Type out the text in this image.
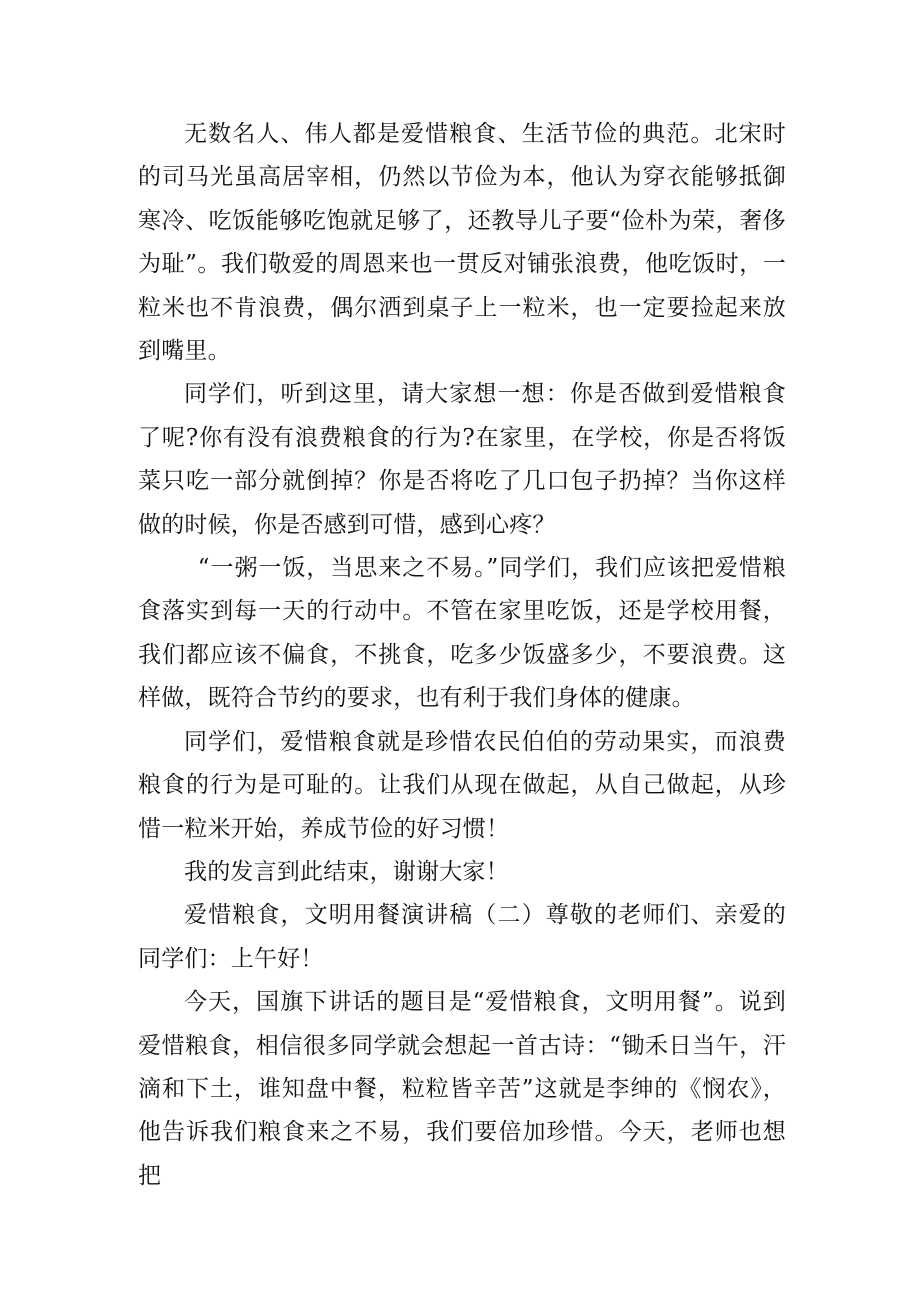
无数名人、伟人都是爱惜粮食、生活节俭的典范。北宋时的司马光虽高居宰相，仍然以节俭为本，他认为穿衣能够抵御寒冷、吃饭能够吃饱就足够了，还教导儿子要“俭朴为荣，奢侈为耻”。我们敬爱的周恩来也一贯反对铺张浪费，他吃饭时，一粒米也不肯浪费，偶尔洒到桌子上一粒米，也一定要捡起来放到嘴里。

同学们，听到这里，请大家想一想：你是否做到爱惜粮食了呢?你有没有浪费粮食的行为?在家里，在学校，你是否将饭菜只吃一部分就倒掉？你是否将吃了几口包子扔掉？当你这样做的时候，你是否感到可惜，感到心疼？

“一粥一饭，当思来之不易。”同学们，我们应该把爱惜粮食落实到每一天的行动中。不管在家里吃饭，还是学校用餐，我们都应该不偏食，不挑食，吃多少饭盛多少，不要浪费。这样做，既符合节约的要求，也有利于我们身体的健康。

同学们，爱惜粮食就是珍惜农民伯伯的劳动果实，而浪费粮食的行为是可耻的。让我们从现在做起，从自己做起，从珍惜一粒米开始，养成节俭的好习惯！

我的发言到此结束，谢谢大家！

爱惜粮食，文明用餐演讲稿（二）尊敬的老师们、亲爱的同学们：上午好！

今天，国旗下讲话的题目是“爱惜粮食，文明用餐”。说到爱惜粮食，相信很多同学就会想起一首古诗：“锄禾日当午，汗滴和下土，谁知盘中餐，粒粒皆辛苦”这就是李绅的《悯农》，他告诉我们粮食来之不易，我们要倍加珍惜。今天，老师也想把
